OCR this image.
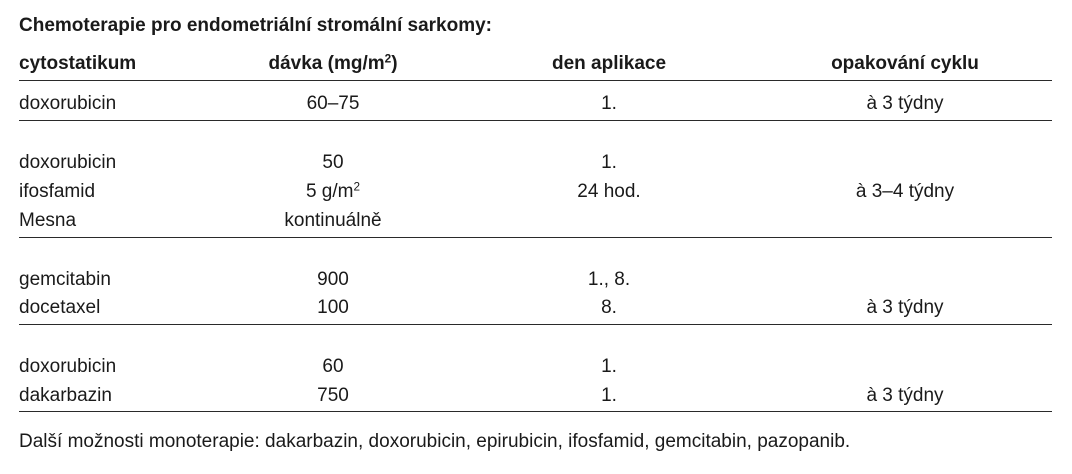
Chemoterapie pro endometriální stromální sarkomy:
cytostatikum	dávka $(mg/m^2)$	den aplikace	opakování cyklu
doxorubicin	60–75	1.	à 3 týdny
doxorubicin	50	1.
ifosfamid	5 $g/m^2$	24 hod.	à 3–4 týdny
Mesna	kontinuálně
gemcitabin	900	1., 8.
docetaxel	100	8.	à 3 týdny
doxorubicin	60	1.
dakarbazin	750	1.	à 3 týdny
Další možnosti monoterapie: dakarbazin, doxorubicin, epirubicin, ifosfamid, gemcitabin, pazopanib.
